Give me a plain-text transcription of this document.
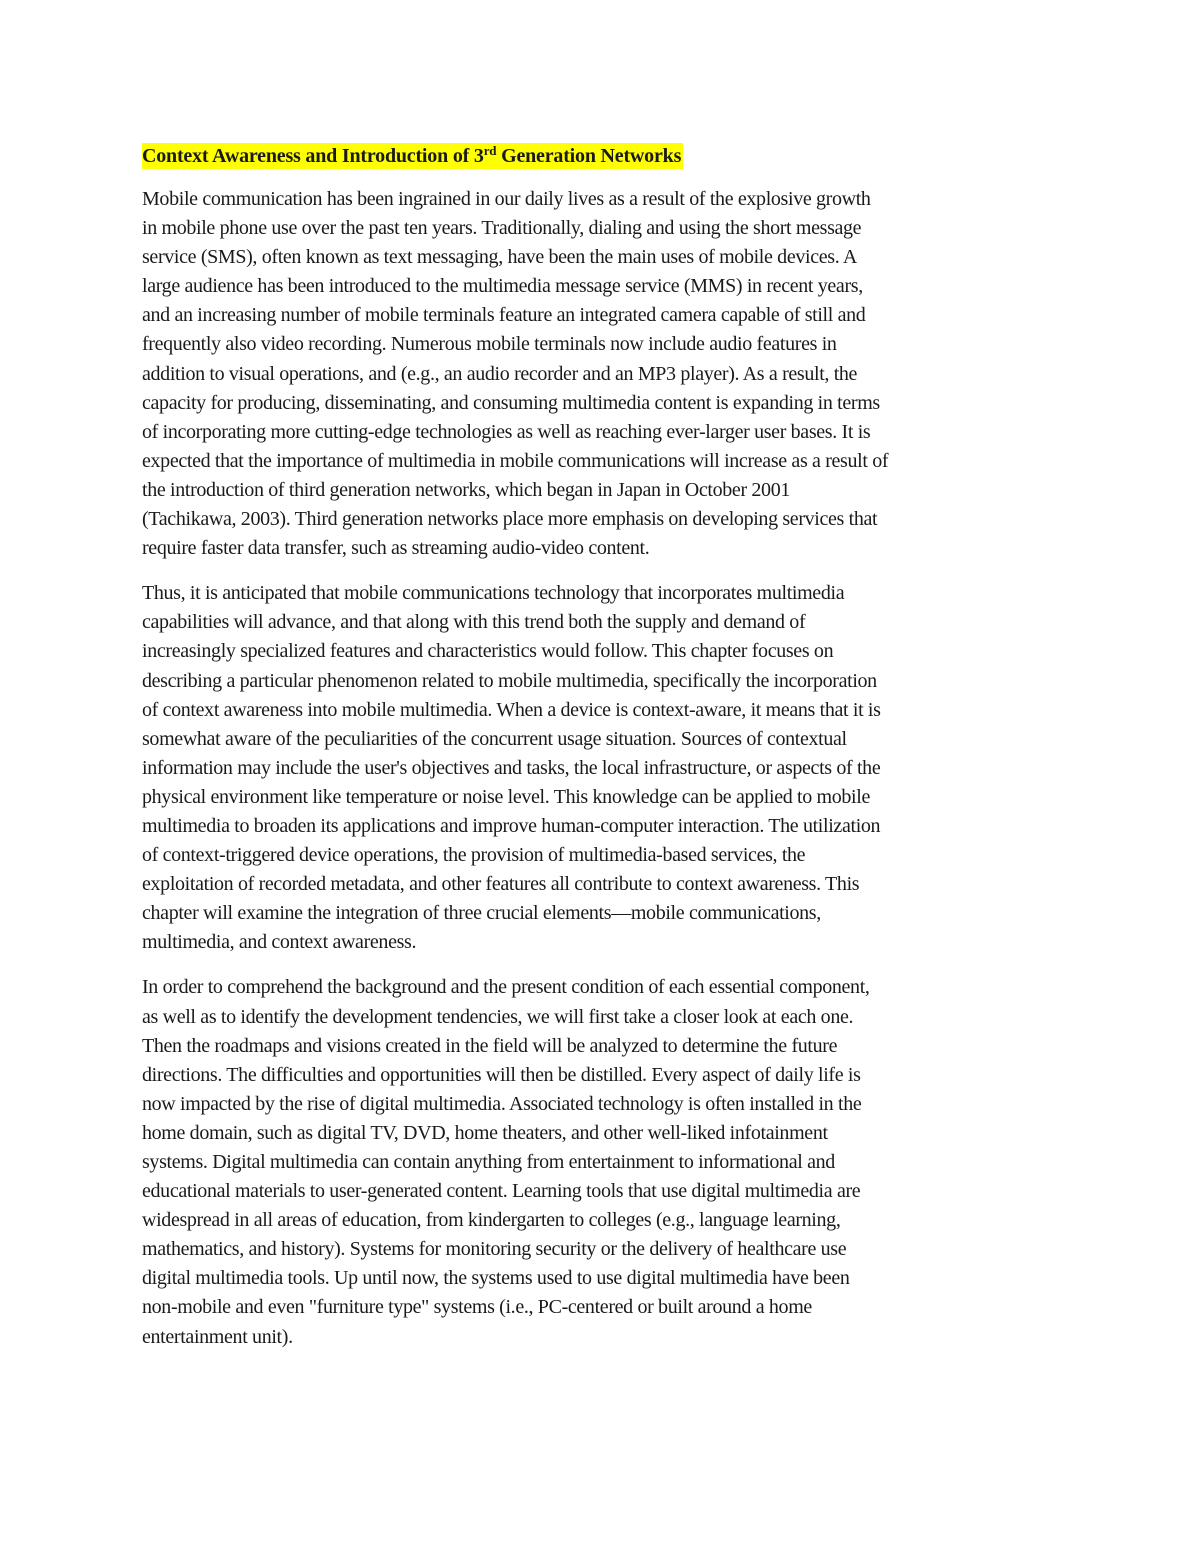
Context Awareness and Introduction of 3rd Generation Networks
Mobile communication has been ingrained in our daily lives as a result of the explosive growth
in mobile phone use over the past ten years. Traditionally, dialing and using the short message
service (SMS), often known as text messaging, have been the main uses of mobile devices. A
large audience has been introduced to the multimedia message service (MMS) in recent years,
and an increasing number of mobile terminals feature an integrated camera capable of still and
frequently also video recording. Numerous mobile terminals now include audio features in
addition to visual operations, and (e.g., an audio recorder and an MP3 player). As a result, the
capacity for producing, disseminating, and consuming multimedia content is expanding in terms
of incorporating more cutting-edge technologies as well as reaching ever-larger user bases. It is
expected that the importance of multimedia in mobile communications will increase as a result of
the introduction of third generation networks, which began in Japan in October 2001
(Tachikawa, 2003). Third generation networks place more emphasis on developing services that
require faster data transfer, such as streaming audio-video content.
Thus, it is anticipated that mobile communications technology that incorporates multimedia
capabilities will advance, and that along with this trend both the supply and demand of
increasingly specialized features and characteristics would follow. This chapter focuses on
describing a particular phenomenon related to mobile multimedia, specifically the incorporation
of context awareness into mobile multimedia. When a device is context-aware, it means that it is
somewhat aware of the peculiarities of the concurrent usage situation. Sources of contextual
information may include the user's objectives and tasks, the local infrastructure, or aspects of the
physical environment like temperature or noise level. This knowledge can be applied to mobile
multimedia to broaden its applications and improve human-computer interaction. The utilization
of context-triggered device operations, the provision of multimedia-based services, the
exploitation of recorded metadata, and other features all contribute to context awareness. This
chapter will examine the integration of three crucial elements—mobile communications,
multimedia, and context awareness.
In order to comprehend the background and the present condition of each essential component,
as well as to identify the development tendencies, we will first take a closer look at each one.
Then the roadmaps and visions created in the field will be analyzed to determine the future
directions. The difficulties and opportunities will then be distilled. Every aspect of daily life is
now impacted by the rise of digital multimedia. Associated technology is often installed in the
home domain, such as digital TV, DVD, home theaters, and other well-liked infotainment
systems. Digital multimedia can contain anything from entertainment to informational and
educational materials to user-generated content. Learning tools that use digital multimedia are
widespread in all areas of education, from kindergarten to colleges (e.g., language learning,
mathematics, and history). Systems for monitoring security or the delivery of healthcare use
digital multimedia tools. Up until now, the systems used to use digital multimedia have been
non-mobile and even "furniture type" systems (i.e., PC-centered or built around a home
entertainment unit).
